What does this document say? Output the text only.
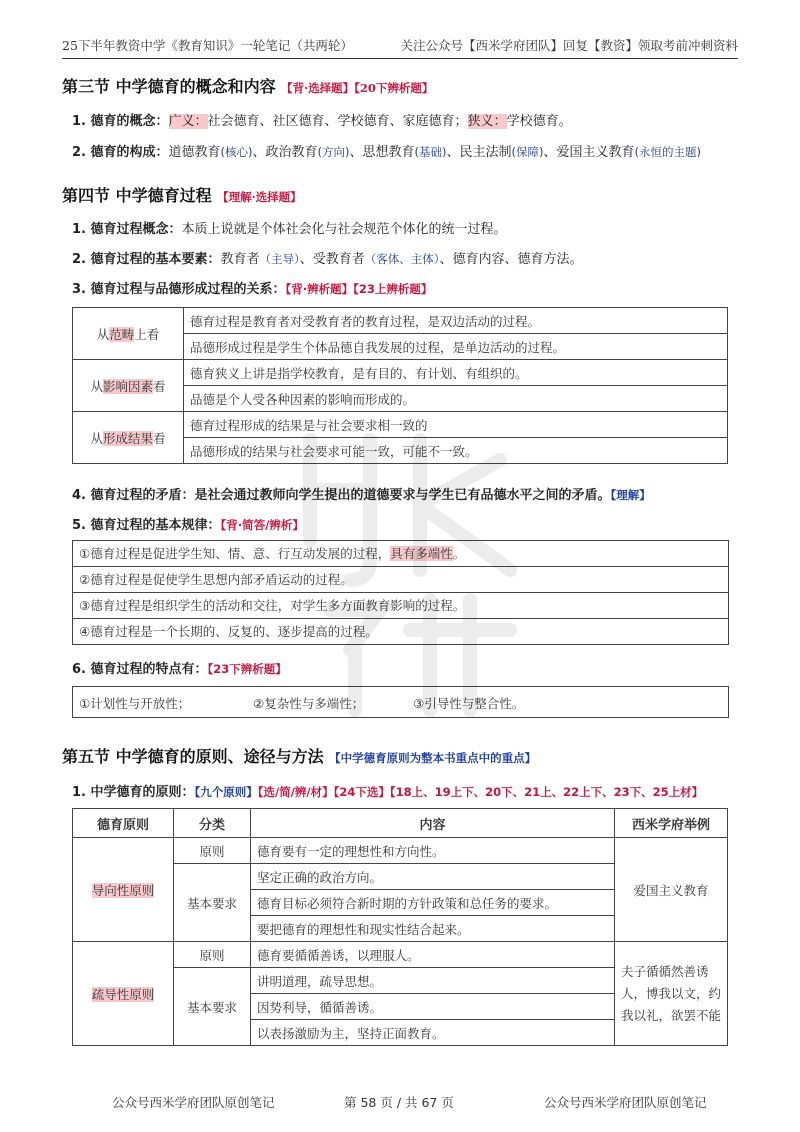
25下半年教资中学《教育知识》一轮笔记（共两轮）	关注公众号【西米学府团队】回复【教资】领取考前冲刺资料
第三节 中学德育的概念和内容 【背·选择题】【20下辨析题】
1. 德育的概念：广义：社会德育、社区德育、学校德育、家庭德育；狭义：学校德育。
2. 德育的构成：道德教育(核心)、政治教育(方向)、思想教育(基础)、民主法制(保障)、爱国主义教育(永恒的主题)
第四节 中学德育过程 【理解·选择题】
1. 德育过程概念：本质上说就是个体社会化与社会规范个体化的统一过程。
2. 德育过程的基本要素：教育者（主导）、受教育者（客体、主体）、德育内容、德育方法。
3. 德育过程与品德形成过程的关系：【背·辨析题】【23上辨析题】
从范畴上看	德育过程是教育者对受教育者的教育过程，是双边活动的过程。
	品德形成过程是学生个体品德自我发展的过程，是单边活动的过程。
从影响因素看	德育狭义上讲是指学校教育，是有目的、有计划、有组织的。
	品德是个人受各种因素的影响而形成的。
从形成结果看	德育过程形成的结果是与社会要求相一致的
	品德形成的结果与社会要求可能一致，可能不一致。
4. 德育过程的矛盾：是社会通过教师向学生提出的道德要求与学生已有品德水平之间的矛盾。【理解】
5. 德育过程的基本规律：【背·简答/辨析】
①德育过程是促进学生知、情、意、行互动发展的过程，具有多端性。
②德育过程是促使学生思想内部矛盾运动的过程。
③德育过程是组织学生的活动和交往，对学生多方面教育影响的过程。
④德育过程是一个长期的、反复的、逐步提高的过程。
6. 德育过程的特点有：【23下辨析题】
①计划性与开放性；	②复杂性与多端性；	③引导性与整合性。
第五节 中学德育的原则、途径与方法 【中学德育原则为整本书重点中的重点】
1. 中学德育的原则：【九个原则】【选/简/辨/材】【24下选】【18上、19上下、20下、21上、22上下、23下、25上材】
德育原则	分类	内容	西米学府举例
导向性原则	原则	德育要有一定的理想性和方向性。	爱国主义教育
	基本要求	坚定正确的政治方向。	
		德育目标必须符合新时期的方针政策和总任务的要求。	
		要把德育的理想性和现实性结合起来。	
疏导性原则	原则	德育要循循善诱，以理服人。	夫子循循然善诱人，博我以文，约我以礼，欲罢不能
	基本要求	讲明道理，疏导思想。	
		因势利导，循循善诱。	
		以表扬激励为主，坚持正面教育。	
公众号西米学府团队原创笔记	第 58 页 / 共 67 页	公众号西米学府团队原创笔记
